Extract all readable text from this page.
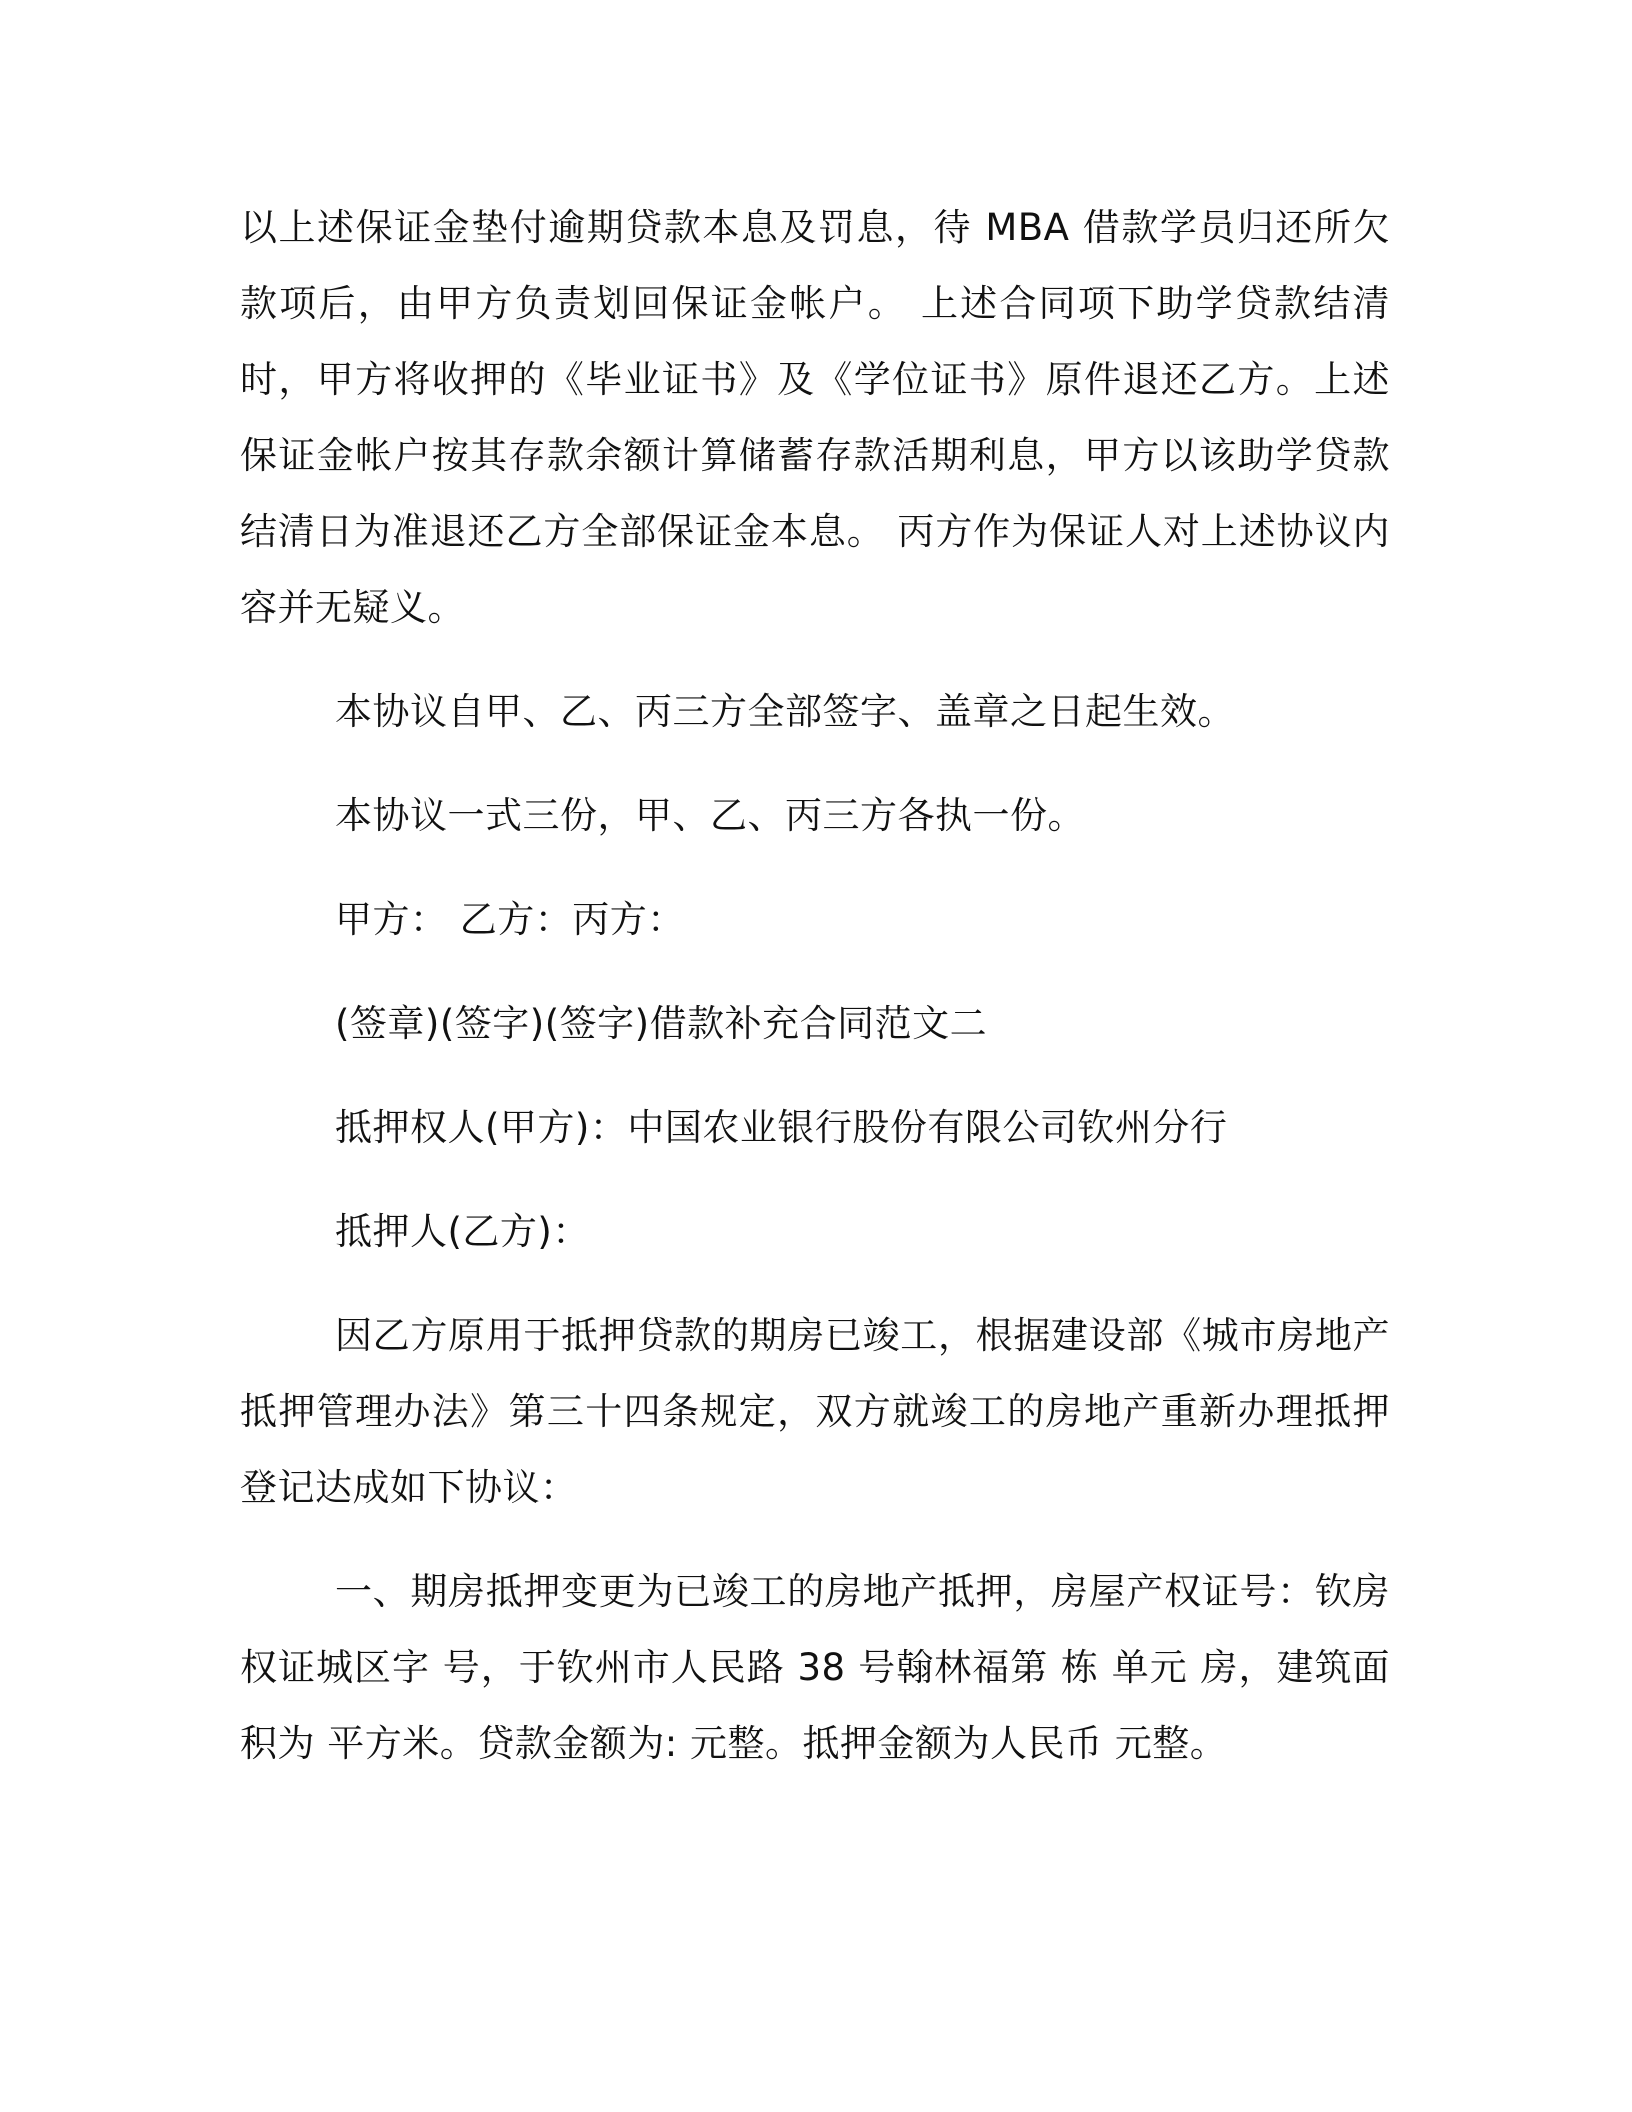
以上述保证金垫付逾期贷款本息及罚息，待 MBA 借款学员归还所欠款项后，由甲方负责划回保证金帐户。 上述合同项下助学贷款结清时，甲方将收押的《毕业证书》及《学位证书》原件退还乙方。上述保证金帐户按其存款余额计算储蓄存款活期利息，甲方以该助学贷款结清日为准退还乙方全部保证金本息。 丙方作为保证人对上述协议内容并无疑义。

本协议自甲、乙、丙三方全部签字、盖章之日起生效。

本协议一式三份，甲、乙、丙三方各执一份。

甲方： 乙方：丙方：

(签章)(签字)(签字)借款补充合同范文二

抵押权人(甲方)：中国农业银行股份有限公司钦州分行

抵押人(乙方)：

因乙方原用于抵押贷款的期房已竣工，根据建设部《城市房地产抵押管理办法》第三十四条规定，双方就竣工的房地产重新办理抵押登记达成如下协议：

一、期房抵押变更为已竣工的房地产抵押，房屋产权证号：钦房权证城区字 号，于钦州市人民路 38 号翰林福第 栋 单元 房，建筑面积为 平方米。贷款金额为: 元整。抵押金额为人民币 元整。
